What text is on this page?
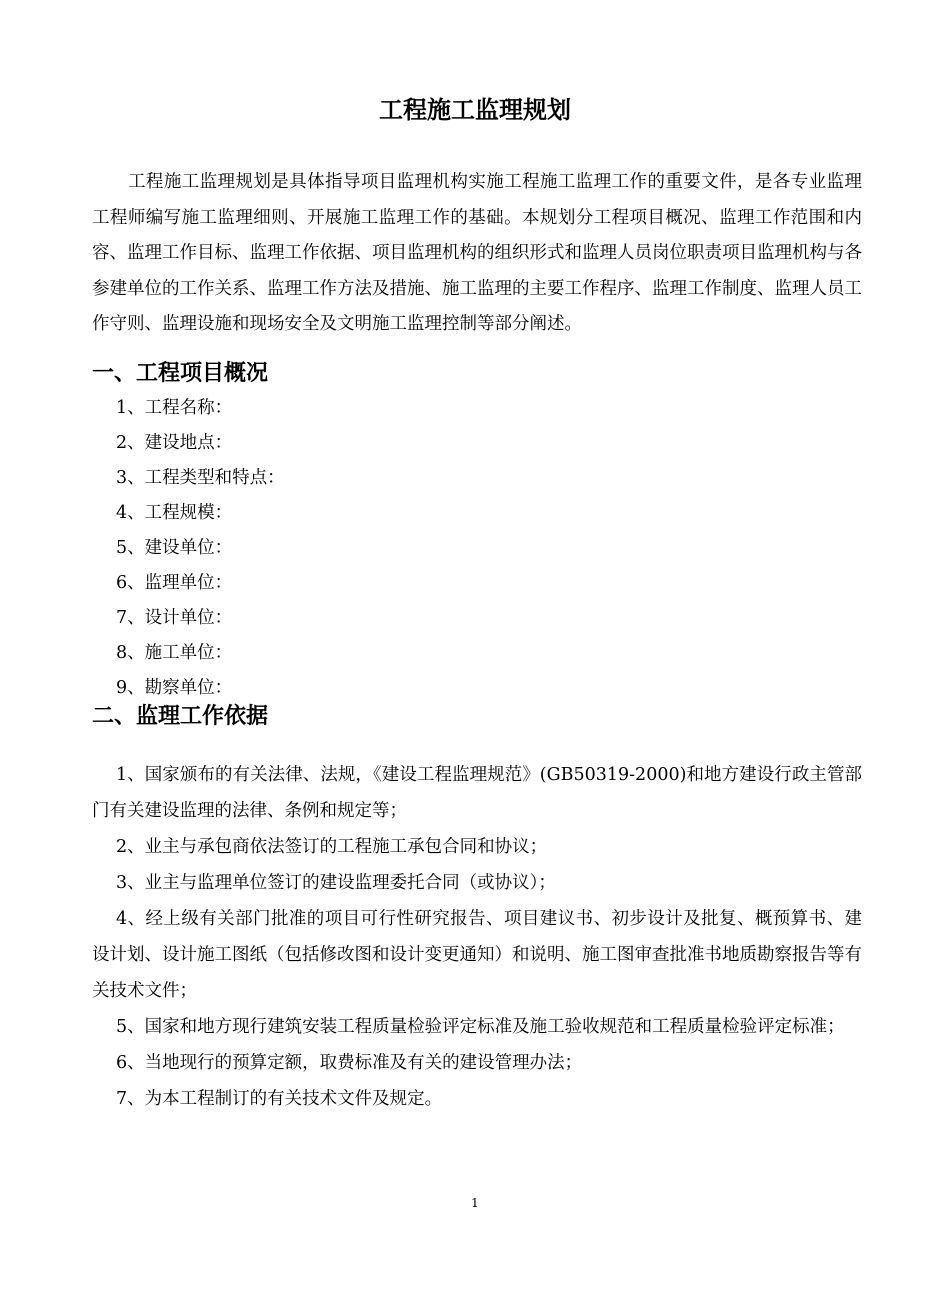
工程施工监理规划

工程施工监理规划是具体指导项目监理机构实施工程施工监理工作的重要文件，是各专业监理工程师编写施工监理细则、开展施工监理工作的基础。本规划分工程项目概况、监理工作范围和内容、监理工作目标、监理工作依据、项目监理机构的组织形式和监理人员岗位职责项目监理机构与各参建单位的工作关系、监理工作方法及措施、施工监理的主要工作程序、监理工作制度、监理人员工作守则、监理设施和现场安全及文明施工监理控制等部分阐述。

一、工程项目概况
1、工程名称：
2、建设地点：
3、工程类型和特点：
4、工程规模：
5、建设单位：
6、监理单位：
7、设计单位：
8、施工单位：
9、勘察单位：
二、监理工作依据

1、国家颁布的有关法律、法规，《建设工程监理规范》(GB50319-2000)和地方建设行政主管部门有关建设监理的法律、条例和规定等；

2、业主与承包商依法签订的工程施工承包合同和协议；

3、业主与监理单位签订的建设监理委托合同（或协议）；

4、经上级有关部门批准的项目可行性研究报告、项目建议书、初步设计及批复、概预算书、建设计划、设计施工图纸（包括修改图和设计变更通知）和说明、施工图审查批准书地质勘察报告等有关技术文件；

5、国家和地方现行建筑安装工程质量检验评定标准及施工验收规范和工程质量检验评定标准；

6、当地现行的预算定额，取费标准及有关的建设管理办法；

7、为本工程制订的有关技术文件及规定。

1
